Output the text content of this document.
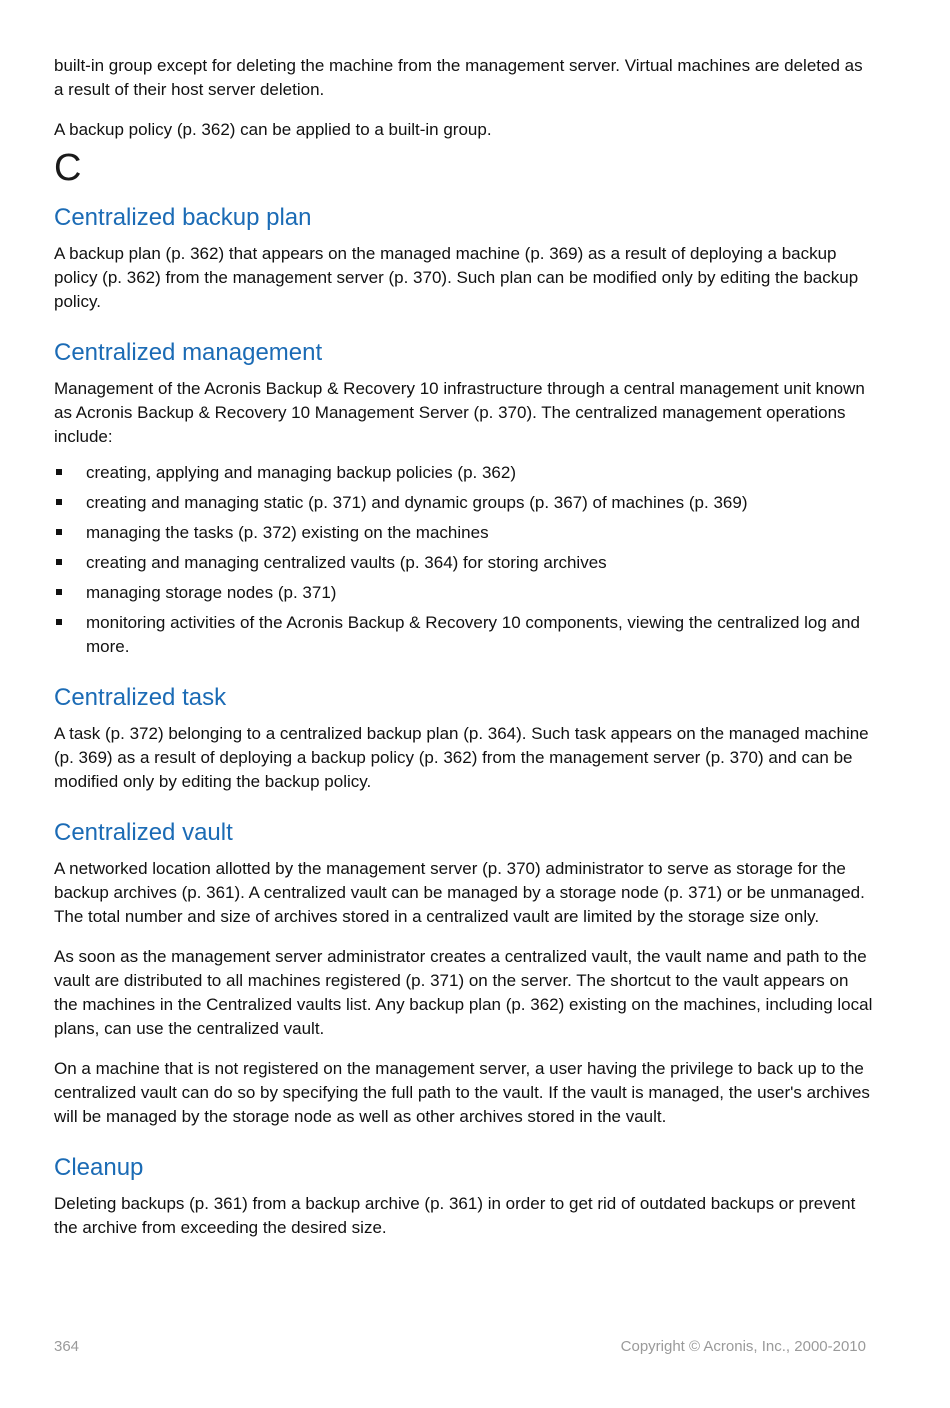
built-in group except for deleting the machine from the management server. Virtual machines are deleted as a result of their host server deletion.

A backup policy (p. 362) can be applied to a built-in group.

C
Centralized backup plan

A backup plan (p. 362) that appears on the managed machine (p. 369) as a result of deploying a backup policy (p. 362) from the management server (p. 370). Such plan can be modified only by editing the backup policy.

Centralized management

Management of the Acronis Backup & Recovery 10 infrastructure through a central management unit known as Acronis Backup & Recovery 10 Management Server (p. 370). The centralized management operations include:

creating, applying and managing backup policies (p. 362)
creating and managing static (p. 371) and dynamic groups (p. 367) of machines (p. 369)
managing the tasks (p. 372) existing on the machines
creating and managing centralized vaults (p. 364) for storing archives
managing storage nodes (p. 371)
monitoring activities of the Acronis Backup & Recovery 10 components, viewing the centralized log and more.
Centralized task

A task (p. 372) belonging to a centralized backup plan (p. 364). Such task appears on the managed machine (p. 369) as a result of deploying a backup policy (p. 362) from the management server (p. 370) and can be modified only by editing the backup policy.

Centralized vault

A networked location allotted by the management server (p. 370) administrator to serve as storage for the backup archives (p. 361). A centralized vault can be managed by a storage node (p. 371) or be unmanaged. The total number and size of archives stored in a centralized vault are limited by the storage size only.

As soon as the management server administrator creates a centralized vault, the vault name and path to the vault are distributed to all machines registered (p. 371) on the server. The shortcut to the vault appears on the machines in the Centralized vaults list. Any backup plan (p. 362) existing on the machines, including local plans, can use the centralized vault.

On a machine that is not registered on the management server, a user having the privilege to back up to the centralized vault can do so by specifying the full path to the vault. If the vault is managed, the user's archives will be managed by the storage node as well as other archives stored in the vault.

Cleanup

Deleting backups (p. 361) from a backup archive (p. 361) in order to get rid of outdated backups or prevent the archive from exceeding the desired size.

364	Copyright © Acronis, Inc., 2000-2010
